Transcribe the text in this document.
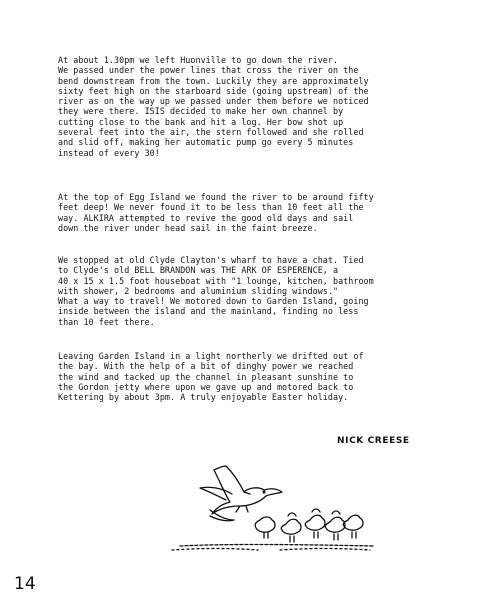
At about 1.30pm we left Huonville to go down the river.
We passed under the power lines that cross the river on the
bend downstream from the town. Luckily they are approximately
sixty feet high on the starboard side (going upstream) of the
river as on the way up we passed under them before we noticed
they were there. ISIS decided to make her own channel by
cutting close to the bank and hit a log. Her bow shot up
several feet into the air, the stern followed and she rolled
and slid off, making her automatic pump go every 5 minutes
instead of every 30!

At the top of Egg Island we found the river to be around fifty
feet deep! We never found it to be less than 10 feet all the
way. ALKIRA attempted to revive the good old days and sail
down the river under head sail in the faint breeze.

We stopped at old Clyde Clayton's wharf to have a chat. Tied
to Clyde's old BELL BRANDON was THE ARK OF ESPERENCE, a
40 x 15 x 1.5 foot houseboat with "1 lounge, kitchen, bathroom
with shower, 2 bedrooms and aluminium sliding windows."
What a way to travel! We motored down to Garden Island, going
inside between the island and the mainland, finding no less
than 10 feet there.

Leaving Garden Island in a light northerly we drifted out of
the bay. With the help of a bit of dinghy power we reached
the wind and tacked up the channel in pleasant sunshine to
the Gordon jetty where upon we gave up and motored back to
Kettering by about 3pm. A truly enjoyable Easter holiday.

NICK CREESE
14
